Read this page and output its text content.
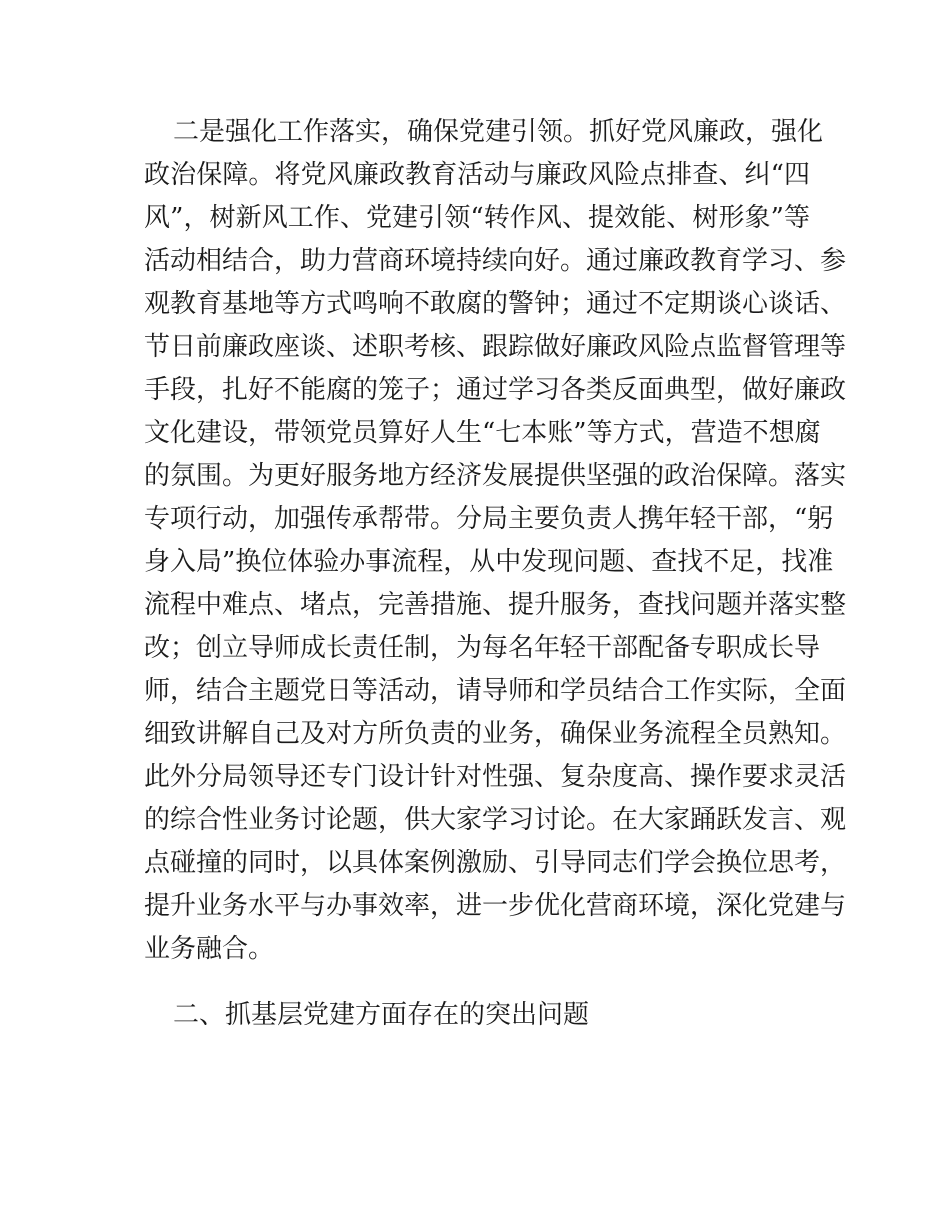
二是强化工作落实，确保党建引领。抓好党风廉政，强化
政治保障。将党风廉政教育活动与廉政风险点排查、纠“四
风”，树新风工作、党建引领“转作风、提效能、树形象”等
活动相结合，助力营商环境持续向好。通过廉政教育学习、参
观教育基地等方式鸣响不敢腐的警钟；通过不定期谈心谈话、
节日前廉政座谈、述职考核、跟踪做好廉政风险点监督管理等
手段，扎好不能腐的笼子；通过学习各类反面典型，做好廉政
文化建设，带领党员算好人生“七本账”等方式，营造不想腐
的氛围。为更好服务地方经济发展提供坚强的政治保障。落实
专项行动，加强传承帮带。分局主要负责人携年轻干部，“躬
身入局”换位体验办事流程，从中发现问题、查找不足，找准
流程中难点、堵点，完善措施、提升服务，查找问题并落实整
改；创立导师成长责任制，为每名年轻干部配备专职成长导
师，结合主题党日等活动，请导师和学员结合工作实际，全面
细致讲解自己及对方所负责的业务，确保业务流程全员熟知。
此外分局领导还专门设计针对性强、复杂度高、操作要求灵活
的综合性业务讨论题，供大家学习讨论。在大家踊跃发言、观
点碰撞的同时，以具体案例激励、引导同志们学会换位思考，
提升业务水平与办事效率，进一步优化营商环境，深化党建与
业务融合。
二、抓基层党建方面存在的突出问题
